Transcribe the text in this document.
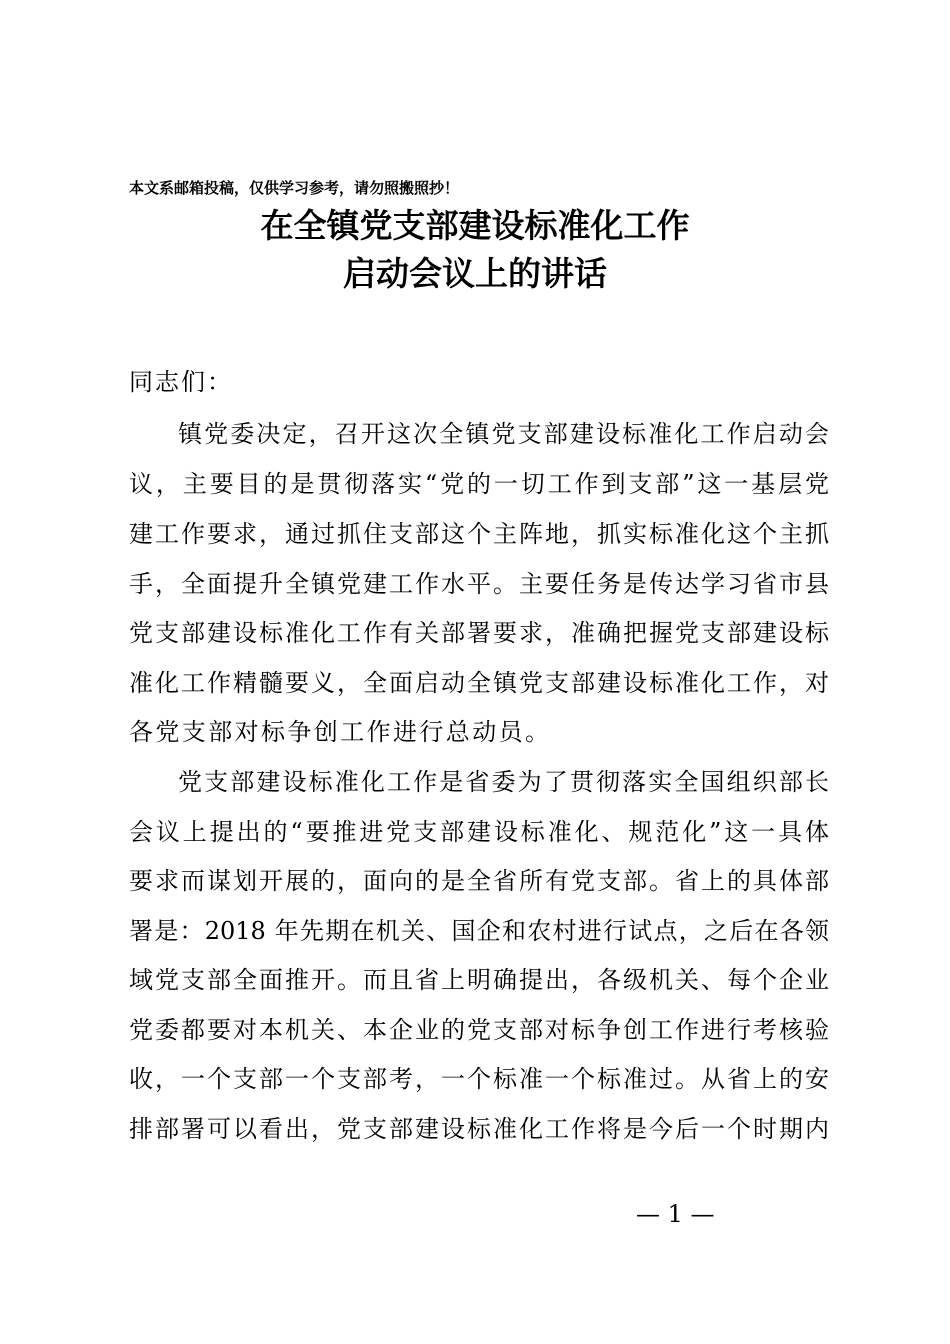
本文系邮箱投稿，仅供学习参考，请勿照搬照抄！
在全镇党支部建设标准化工作
启动会议上的讲话
同志们：
镇党委决定，召开这次全镇党支部建设标准化工作启动会
议，主要目的是贯彻落实“党的一切工作到支部”这一基层党
建工作要求，通过抓住支部这个主阵地，抓实标准化这个主抓
手，全面提升全镇党建工作水平。主要任务是传达学习省市县
党支部建设标准化工作有关部署要求，准确把握党支部建设标
准化工作精髓要义，全面启动全镇党支部建设标准化工作，对
各党支部对标争创工作进行总动员。
党支部建设标准化工作是省委为了贯彻落实全国组织部长
会议上提出的“要推进党支部建设标准化、规范化”这一具体
要求而谋划开展的，面向的是全省所有党支部。省上的具体部
署是：2018 年先期在机关、国企和农村进行试点，之后在各领
域党支部全面推开。而且省上明确提出，各级机关、每个企业
党委都要对本机关、本企业的党支部对标争创工作进行考核验
收，一个支部一个支部考，一个标准一个标准过。从省上的安
排部署可以看出，党支部建设标准化工作将是今后一个时期内
— 1 —
